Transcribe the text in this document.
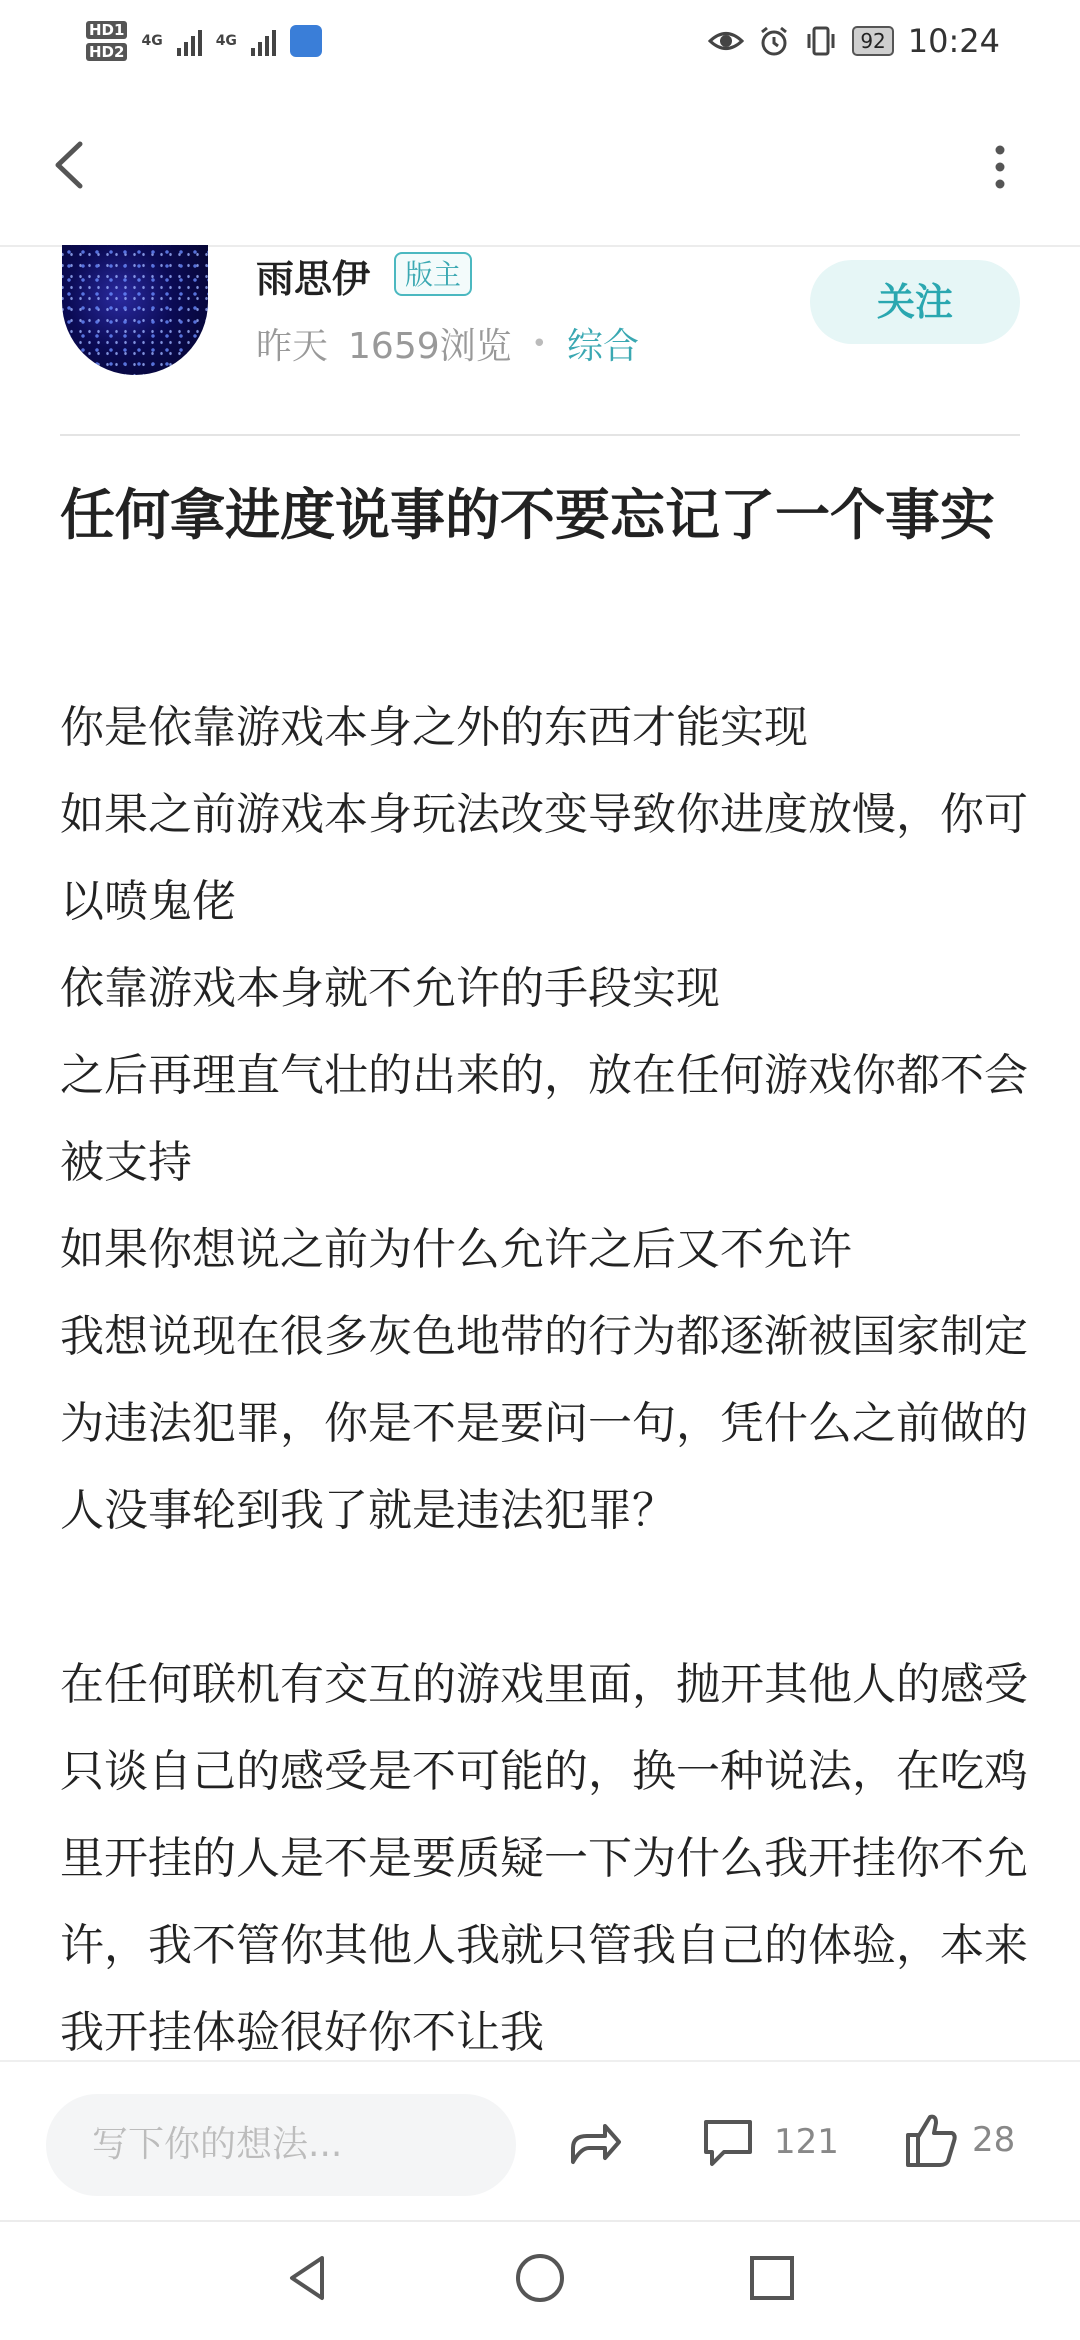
HD1
HD2
4G	4G	92 10:24
雨思伊	版主
昨天 1659浏览 • 综合
关注
任何拿进度说事的不要忘记了一个事实

你是依靠游戏本身之外的东西才能实现

如果之前游戏本身玩法改变导致你进度放慢，你可以喷鬼佬

依靠游戏本身就不允许的手段实现

之后再理直气壮的出来的，放在任何游戏你都不会被支持

如果你想说之前为什么允许之后又不允许

我想说现在很多灰色地带的行为都逐渐被国家制定为违法犯罪，你是不是要问一句，凭什么之前做的人没事轮到我了就是违法犯罪？

在任何联机有交互的游戏里面，抛开其他人的感受只谈自己的感受是不可能的，换一种说法，在吃鸡里开挂的人是不是要质疑一下为什么我开挂你不允许，我不管你其他人我就只管我自己的体验，本来我开挂体验很好你不让我

写下你的想法...	121	28
